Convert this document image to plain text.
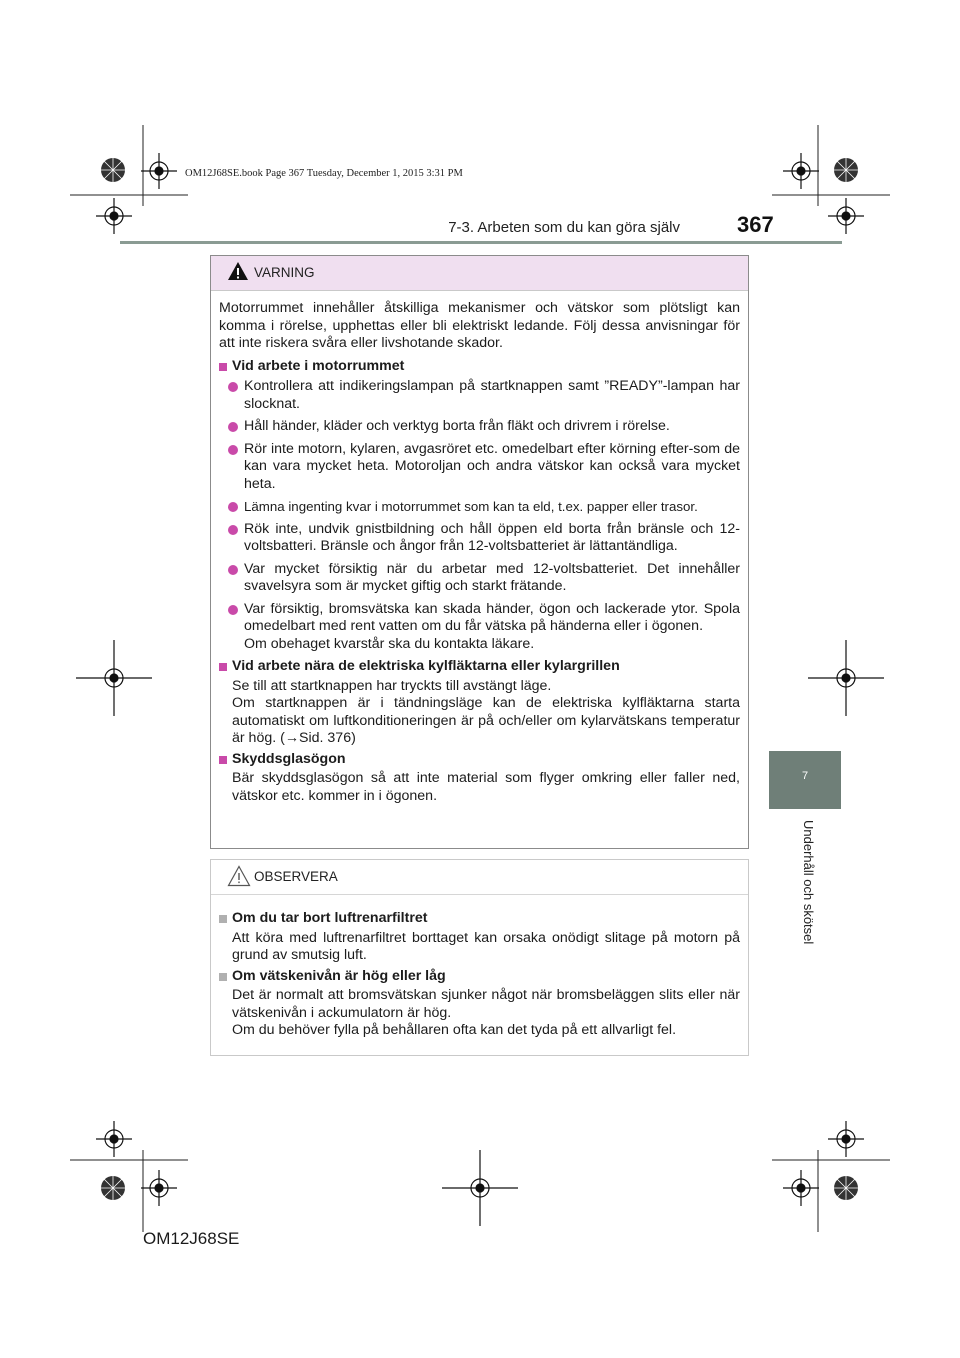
OM12J68SE.book Page 367 Tuesday, December 1, 2015 3:31 PM
7-3. Arbeten som du kan göra själv	367
7
Underhåll och skötsel
VARNING

Motorrummet innehåller åtskilliga mekanismer och vätskor som plötsligt kan komma i rörelse, upphettas eller bli elektriskt ledande. Följ dessa anvisningar för att inte riskera svåra eller livshotande skador.

Vid arbete i motorrummet
Kontrollera att indikeringslampan på startknappen samt ”READY”-lampan har slocknat.
Håll händer, kläder och verktyg borta från fläkt och drivrem i rörelse.
Rör inte motorn, kylaren, avgasröret etc. omedelbart efter körning efter-som de kan vara mycket heta. Motoroljan och andra vätskor kan också vara mycket heta.
Lämna ingenting kvar i motorrummet som kan ta eld, t.ex. papper eller trasor.
Rök inte, undvik gnistbildning och håll öppen eld borta från bränsle och 12-voltsbatteri. Bränsle och ångor från 12-voltsbatteriet är lättantändliga.
Var mycket försiktig när du arbetar med 12-voltsbatteriet. Det innehåller svavelsyra som är mycket giftig och starkt frätande.
Var försiktig, bromsvätska kan skada händer, ögon och lackerade ytor. Spola omedelbart med rent vatten om du får vätska på händerna eller i ögonen.
Om obehaget kvarstår ska du kontakta läkare.
Vid arbete nära de elektriska kylfläktarna eller kylargrillen
Se till att startknappen har tryckts till avstängt läge.
Om startknappen är i tändningsläge kan de elektriska kylfläktarna starta automatiskt om luftkonditioneringen är på och/eller om kylarvätskans temperatur är hög. (→Sid. 376)
Skyddsglasögon
Bär skyddsglasögon så att inte material som flyger omkring eller faller ned, vätskor etc. kommer in i ögonen.
OBSERVERA
Om du tar bort luftrenarfiltret
Att köra med luftrenarfiltret borttaget kan orsaka onödigt slitage på motorn på grund av smutsig luft.
Om vätskenivån är hög eller låg
Det är normalt att bromsvätskan sjunker något när bromsbeläggen slits eller när vätskenivån i ackumulatorn är hög.
Om du behöver fylla på behållaren ofta kan det tyda på ett allvarligt fel.
OM12J68SE
